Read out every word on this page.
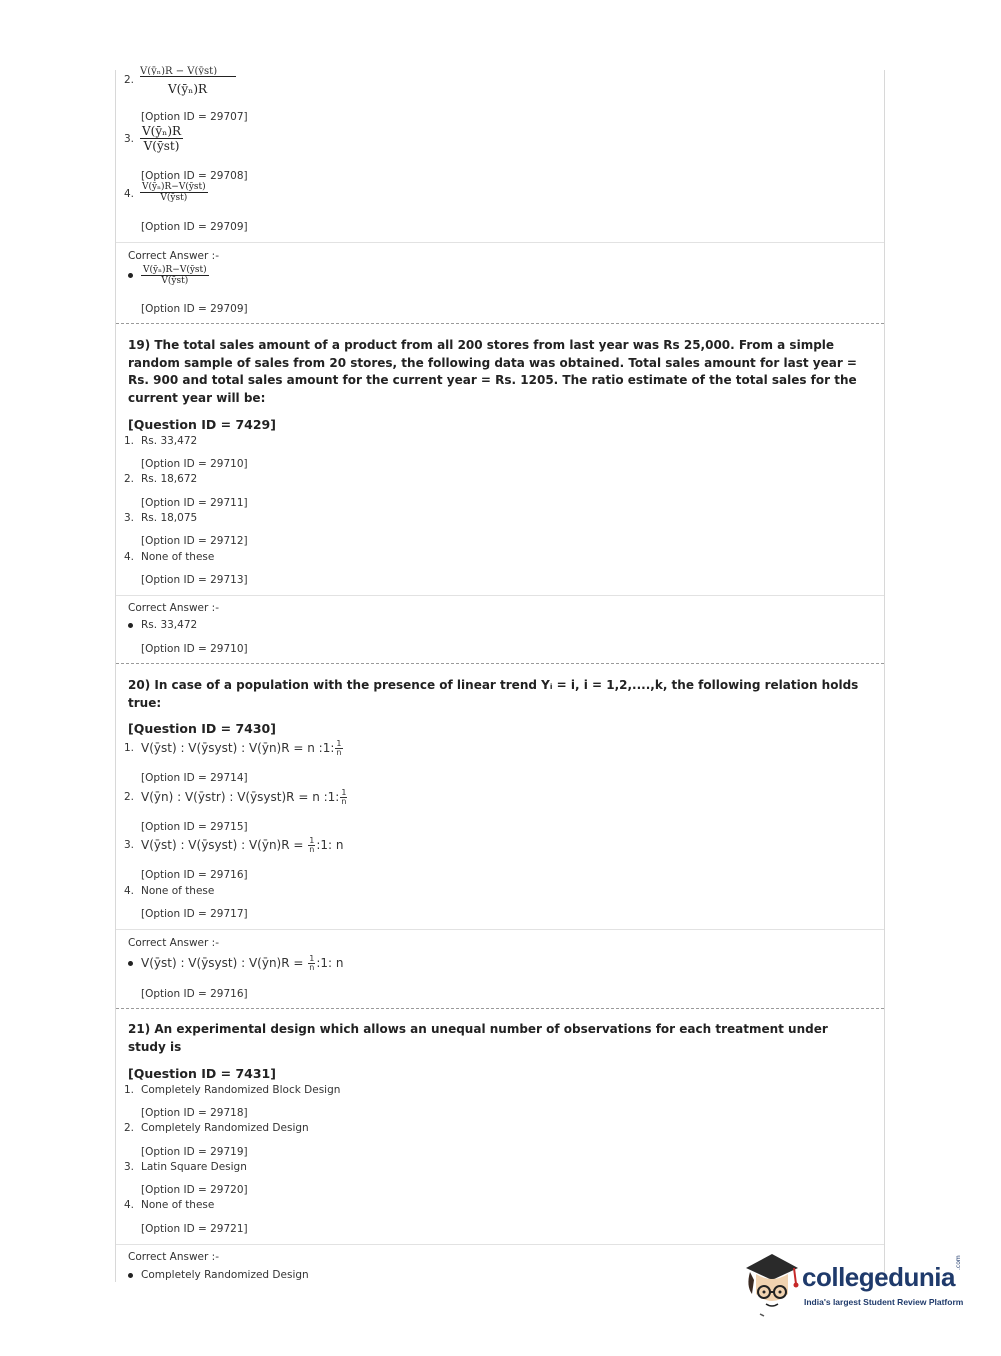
V(ȳₙ)R − V(ȳst)
2.
V(ȳₙ)R
[Option ID = 29707]
3. $\frac{\text{V(ȳₙ)R}}{\text{V(ȳst)}}$
[Option ID = 29708]
4. $\frac{\text{V(ȳₙ)R−V(ȳst)}}{\text{V(ȳst)}}$
[Option ID = 29709]
Correct Answer :-
$\frac{\text{V(ȳₙ)R−V(ȳst)}}{\text{V(ȳst)}}$
[Option ID = 29709]
19) The total sales amount of a product from all 200 stores from last year was Rs 25,000. From a simple random sample of sales from 20 stores, the following data was obtained. Total sales amount for last year = Rs. 900 and total sales amount for the current year = Rs. 1205. The ratio estimate of the total sales for the current year will be:
[Question ID = 7429]
1. Rs. 33,472
[Option ID = 29710]
2. Rs. 18,672
[Option ID = 29711]
3. Rs. 18,075
[Option ID = 29712]
4. None of these
[Option ID = 29713]
Correct Answer :-
Rs. 33,472
[Option ID = 29710]
20) In case of a population with the presence of linear trend Yᵢ = i, i = 1,2,....,k, the following relation holds true:
[Question ID = 7430]
1. V(ȳst) : V(ȳsyst) : V(ȳn)R = n :1: $\frac{1}{n}$
[Option ID = 29714]
2. V(ȳn) : V(ȳstr) : V(ȳsyst)R = n :1: $\frac{1}{n}$
[Option ID = 29715]
3. V(ȳst) : V(ȳsyst) : V(ȳn)R = $\frac{1}{n}$ :1: n
[Option ID = 29716]
4. None of these
[Option ID = 29717]
Correct Answer :-
V(ȳst) : V(ȳsyst) : V(ȳn)R = $\frac{1}{n}$ :1: n
[Option ID = 29716]
21) An experimental design which allows an unequal number of observations for each treatment under study is
[Question ID = 7431]
1. Completely Randomized Block Design
[Option ID = 29718]
2. Completely Randomized Design
[Option ID = 29719]
3. Latin Square Design
[Option ID = 29720]
4. None of these
[Option ID = 29721]
Correct Answer :-
Completely Randomized Design	collegedunia
India's largest Student Review Platform
.com
